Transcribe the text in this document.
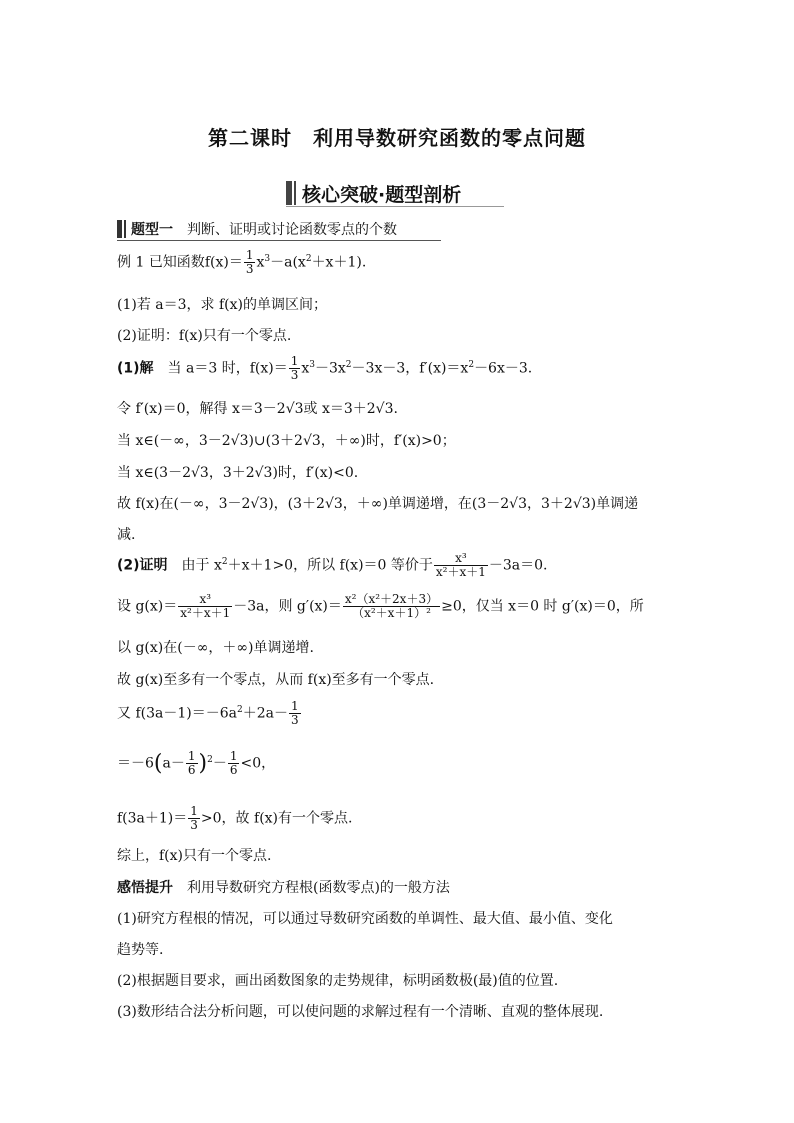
第二课时　利用导数研究函数的零点问题
核心突破·题型剖析
题型一　 判断、证明或讨论函数零点的个数
例 1 已知函数$f(x)= \frac{1}{3} x^3-a(x^2+x+1)$.
(1)若 a＝3，求 f(x)的单调区间；
(2)证明：f(x)只有一个零点.
(1)解　 当 a＝3 时，$f(x)= \frac{1}{3} x^3-3x^2-3x-3$，$f'(x)=x^2-6x-3$.
令 f′(x)＝0，解得 x＝3－2√3或 x＝3＋2√3.
当 x∈(－∞，3－2√3)∪(3＋2√3，＋∞)时，f′(x)>0；
当 x∈(3－2√3，3＋2√3)时，f′(x)<0.
故 f(x)在(－∞，3－2√3)，(3＋2√3，＋∞)单调递增，在(3－2√3，3＋2√3)单调递
减.
(2)证明　 由于 $x^2+x+1>0$，所以 f(x)＝0 等价于 $\frac{\text{x³}}{\text{x²＋x＋1}} -3a=0$.
设 $g(x)= \frac{\text{x³}}{\text{x²＋x＋1}} -3a$，则 $g'(x)= \frac{\text{x²（x²＋2x＋3）}}{\text{（x²＋x＋1）²}} \ge 0$，仅当 x＝0 时 g′(x)＝0，所
以 g(x)在(－∞，＋∞)单调递增.
故 g(x)至多有一个零点，从而 f(x)至多有一个零点.
又 $f(3a-1)=-6a^2+2a- \frac{1}{3}$
$=-6(a- \frac{1}{6} )^2- \frac{1}{6} <0$，
$f(3a+1)= \frac{1}{3} >0$，故 f(x)有一个零点.
综上，f(x)只有一个零点.
感悟提升　 利用导数研究方程根(函数零点)的一般方法
(1)研究方程根的情况，可以通过导数研究函数的单调性、最大值、最小值、变化
趋势等.
(2)根据题目要求，画出函数图象的走势规律，标明函数极(最)值的位置.
(3)数形结合法分析问题，可以使问题的求解过程有一个清晰、直观的整体展现.
